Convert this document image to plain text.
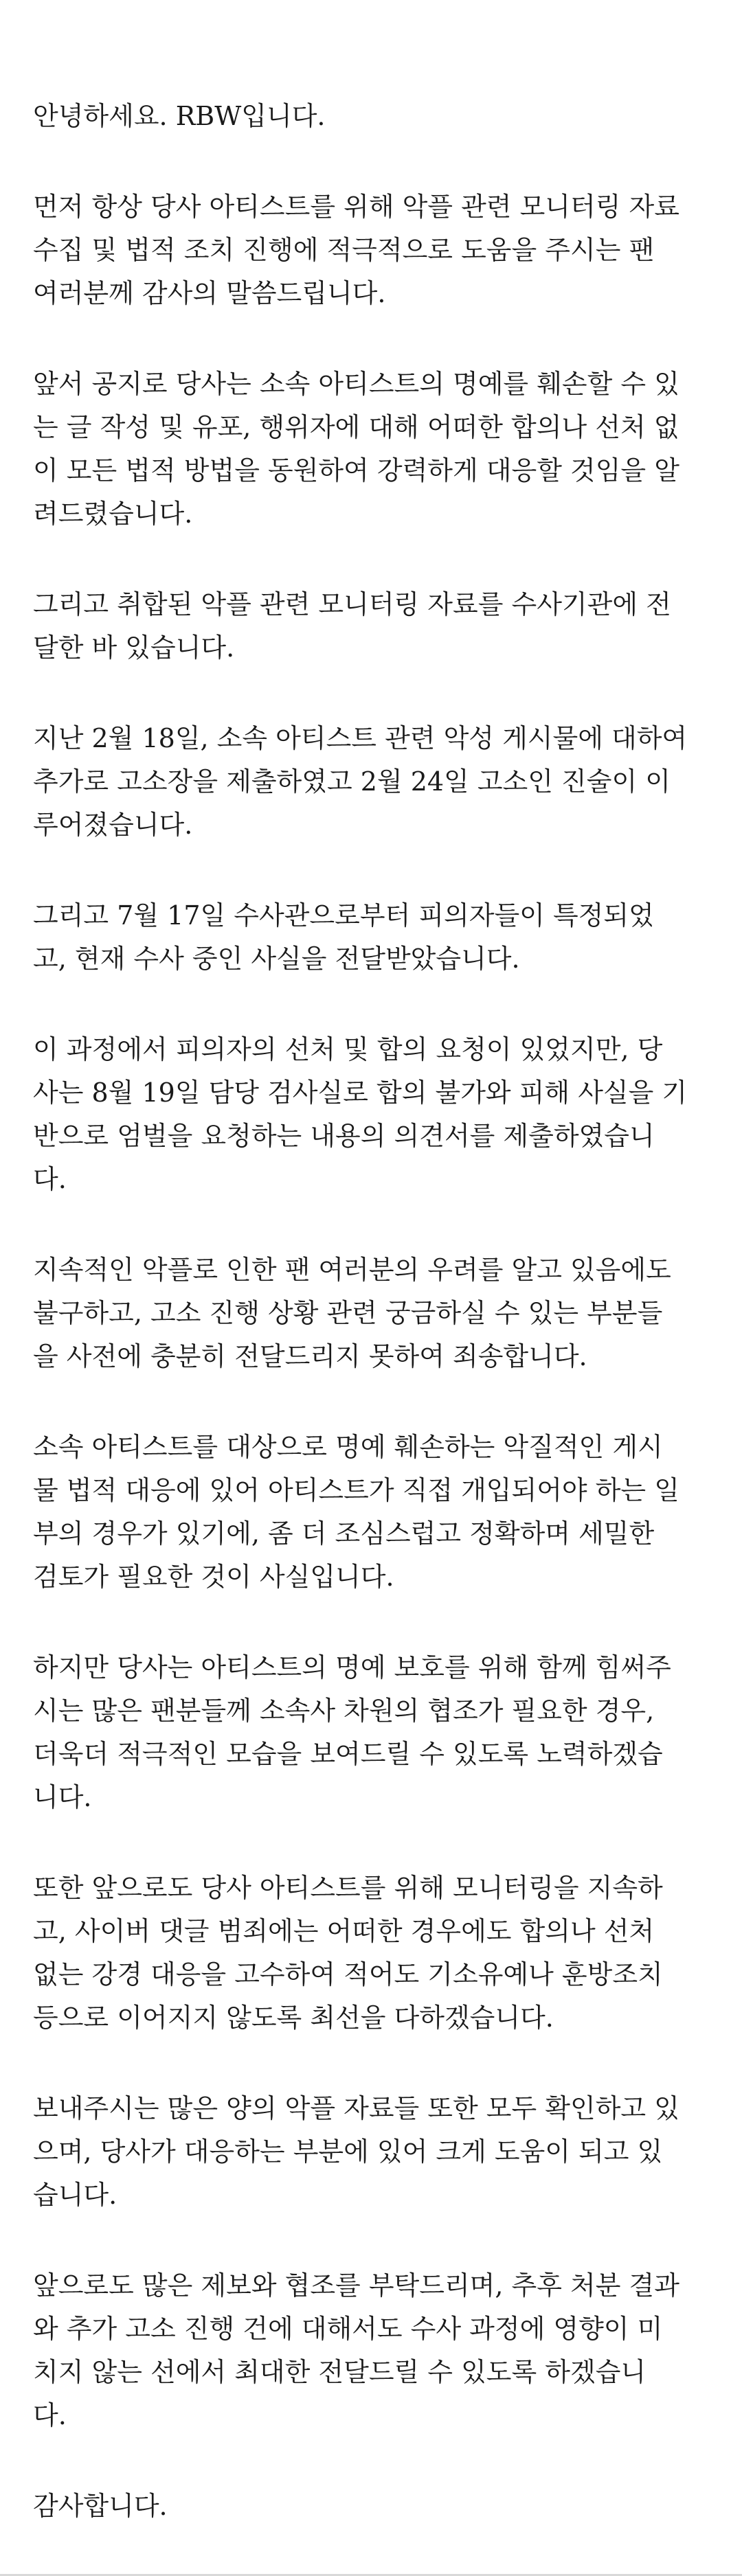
안녕하세요. RBW입니다.

먼저 항상 당사 아티스트를 위해 악플 관련 모니터링 자료
수집 및 법적 조치 진행에 적극적으로 도움을 주시는 팬
여러분께 감사의 말씀드립니다.

앞서 공지로 당사는 소속 아티스트의 명예를 훼손할 수 있
는 글 작성 및 유포, 행위자에 대해 어떠한 합의나 선처 없
이 모든 법적 방법을 동원하여 강력하게 대응할 것임을 알
려드렸습니다.

그리고 취합된 악플 관련 모니터링 자료를 수사기관에 전
달한 바 있습니다.

지난 2월 18일, 소속 아티스트 관련 악성 게시물에 대하여
추가로 고소장을 제출하였고 2월 24일 고소인 진술이 이
루어졌습니다.

그리고 7월 17일 수사관으로부터 피의자들이 특정되었
고, 현재 수사 중인 사실을 전달받았습니다.

이 과정에서 피의자의 선처 및 합의 요청이 있었지만, 당
사는 8월 19일 담당 검사실로 합의 불가와 피해 사실을 기
반으로 엄벌을 요청하는 내용의 의견서를 제출하였습니
다.

지속적인 악플로 인한 팬 여러분의 우려를 알고 있음에도
불구하고, 고소 진행 상황 관련 궁금하실 수 있는 부분들
을 사전에 충분히 전달드리지 못하여 죄송합니다.

소속 아티스트를 대상으로 명예 훼손하는 악질적인 게시
물 법적 대응에 있어 아티스트가 직접 개입되어야 하는 일
부의 경우가 있기에, 좀 더 조심스럽고 정확하며 세밀한
검토가 필요한 것이 사실입니다.

하지만 당사는 아티스트의 명예 보호를 위해 함께 힘써주
시는 많은 팬분들께 소속사 차원의 협조가 필요한 경우,
더욱더 적극적인 모습을 보여드릴 수 있도록 노력하겠습
니다.

또한 앞으로도 당사 아티스트를 위해 모니터링을 지속하
고, 사이버 댓글 범죄에는 어떠한 경우에도 합의나 선처
없는 강경 대응을 고수하여 적어도 기소유예나 훈방조치
등으로 이어지지 않도록 최선을 다하겠습니다.

보내주시는 많은 양의 악플 자료들 또한 모두 확인하고 있
으며, 당사가 대응하는 부분에 있어 크게 도움이 되고 있
습니다.

앞으로도 많은 제보와 협조를 부탁드리며, 추후 처분 결과
와 추가 고소 진행 건에 대해서도 수사 과정에 영향이 미
치지 않는 선에서 최대한 전달드릴 수 있도록 하겠습니
다.

감사합니다.
